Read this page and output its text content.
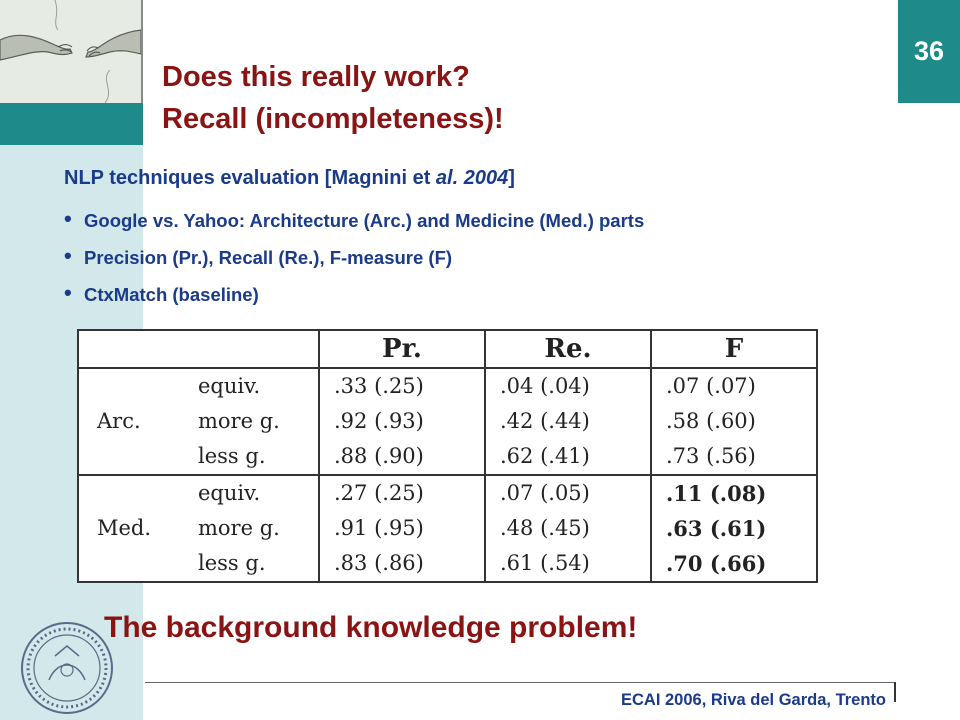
36
Does this really work?
Recall (incompleteness)!
NLP techniques evaluation [Magnini et al. 2004]
• Google vs. Yahoo: Architecture (Arc.) and Medicine (Med.) parts
• Precision (Pr.), Recall (Re.), F-measure (F)
• CtxMatch (baseline)
		Pr.	Re.	F
Arc.	equiv.	.33 (.25)	.04 (.04)	.07 (.07)
	more g.	.92 (.93)	.42 (.44)	.58 (.60)
	less g.	.88 (.90)	.62 (.41)	.73 (.56)
Med.	equiv.	.27 (.25)	.07 (.05)	.11 (.08)
	more g.	.91 (.95)	.48 (.45)	.63 (.61)
	less g.	.83 (.86)	.61 (.54)	.70 (.66)
The background knowledge problem!
ECAI 2006, Riva del Garda, Trento
